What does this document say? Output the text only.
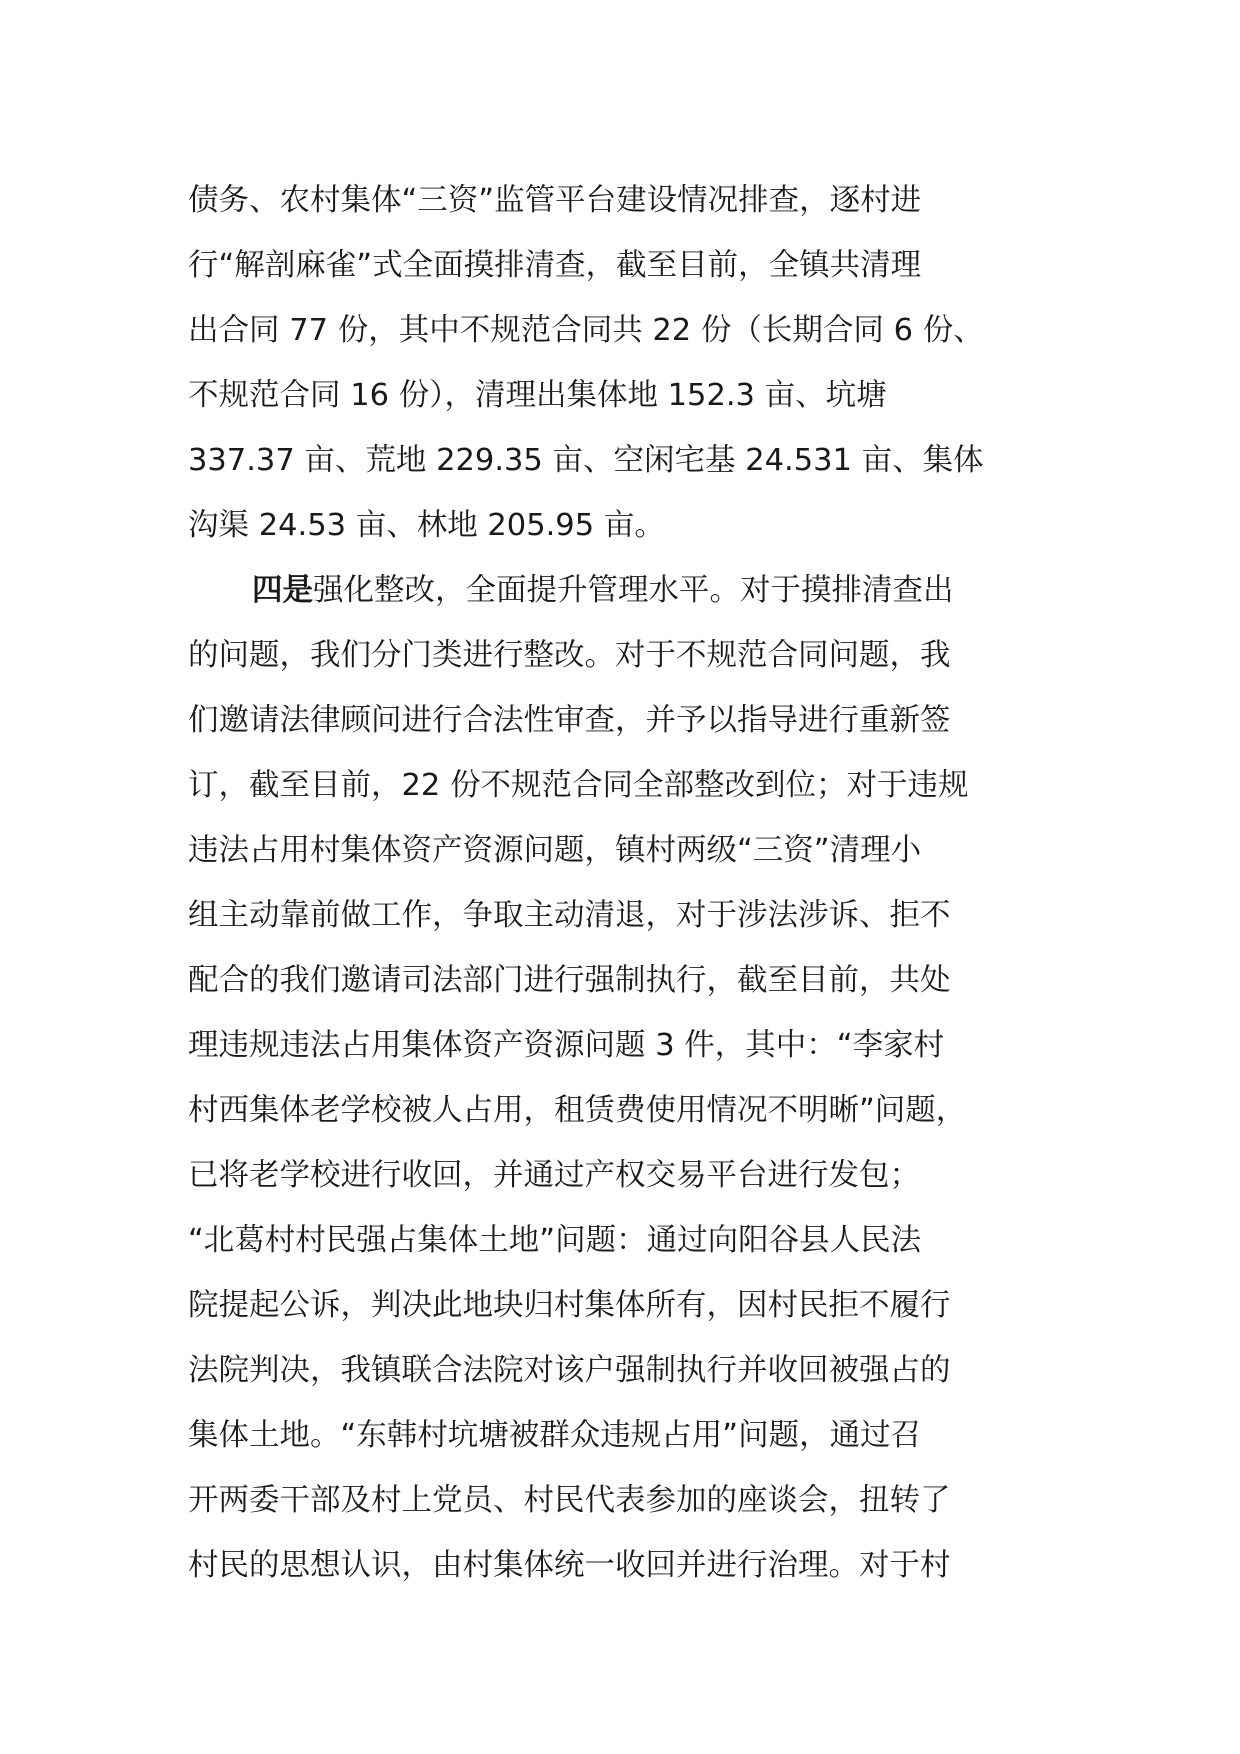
债务、农村集体“三资”监管平台建设情况排查，逐村进
行“解剖麻雀”式全面摸排清查，截至目前，全镇共清理
出合同 77 份，其中不规范合同共 22 份（长期合同 6 份、
不规范合同 16 份），清理出集体地 152.3 亩、坑塘
337.37 亩、荒地 229.35 亩、空闲宅基 24.531 亩、集体
沟渠 24.53 亩、林地 205.95 亩。
四是强化整改，全面提升管理水平。对于摸排清查出
的问题，我们分门类进行整改。对于不规范合同问题，我
们邀请法律顾问进行合法性审查，并予以指导进行重新签
订，截至目前，22 份不规范合同全部整改到位；对于违规
违法占用村集体资产资源问题，镇村两级“三资”清理小
组主动靠前做工作，争取主动清退，对于涉法涉诉、拒不
配合的我们邀请司法部门进行强制执行，截至目前，共处
理违规违法占用集体资产资源问题 3 件，其中：“李家村
村西集体老学校被人占用，租赁费使用情况不明晰”问题，
已将老学校进行收回，并通过产权交易平台进行发包；
“北葛村村民强占集体土地”问题：通过向阳谷县人民法
院提起公诉，判决此地块归村集体所有，因村民拒不履行
法院判决，我镇联合法院对该户强制执行并收回被强占的
集体土地。“东韩村坑塘被群众违规占用”问题，通过召
开两委干部及村上党员、村民代表参加的座谈会，扭转了
村民的思想认识，由村集体统一收回并进行治理。对于村
